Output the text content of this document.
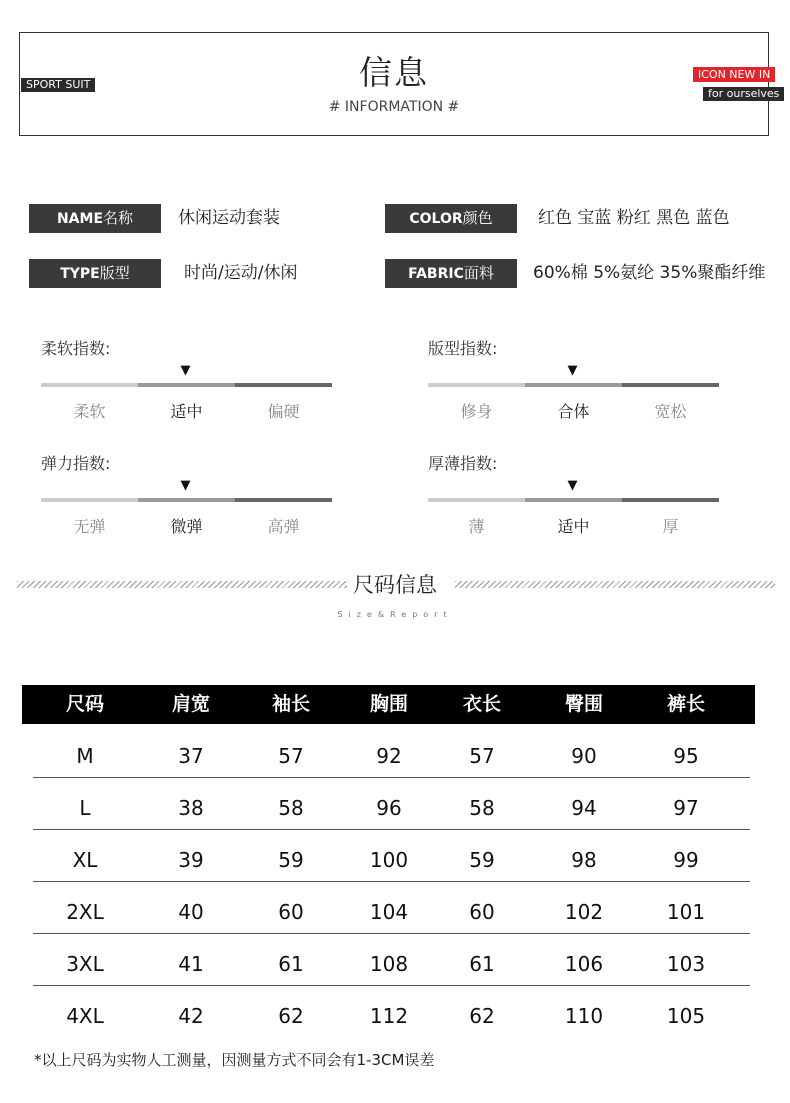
信息
# INFORMATION #
SPORT SUIT
ICON NEW IN
for ourselves
NAME名称	休闲运动套装	COLOR颜色	红色 宝蓝 粉红 黑色 蓝色
TYPE版型	时尚/运动/休闲	FABRIC面料	60%棉 5%氨纶 35%聚酯纤维
柔软指数:
▼
柔软	适中	偏硬
版型指数:
▼
修身	合体	宽松
弹力指数:
▼
无弹	微弹	高弹
厚薄指数:
▼
薄	适中	厚
尺码信息
Size&Report
尺码	肩宽	袖长	胸围	衣长	臀围	裤长
M	37	57	92	57	90	95
L	38	58	96	58	94	97
XL	39	59	100	59	98	99
2XL	40	60	104	60	102	101
3XL	41	61	108	61	106	103
4XL	42	62	112	62	110	105
*以上尺码为实物人工测量，因测量方式不同会有1-3CM误差
